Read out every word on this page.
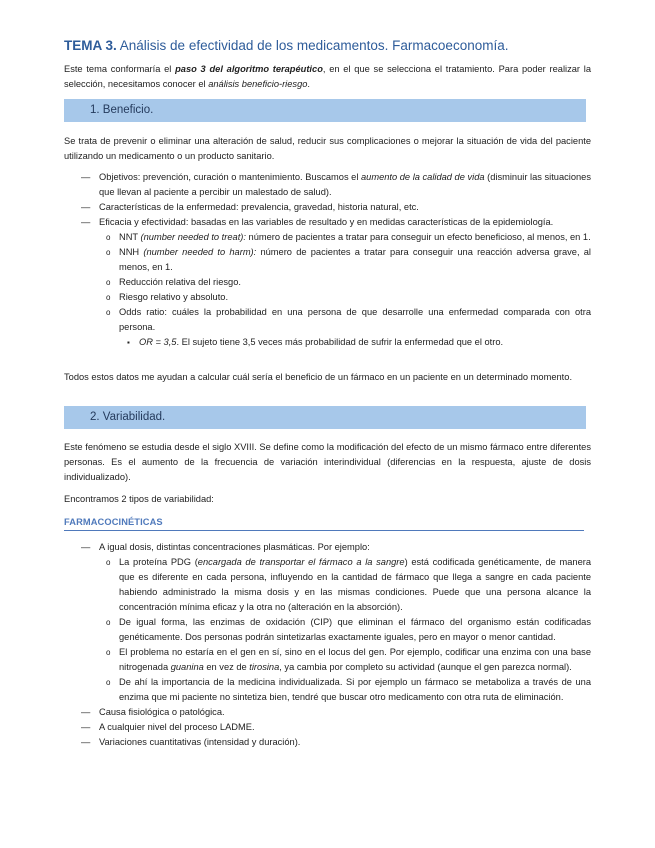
TEMA 3. Análisis de efectividad de los medicamentos. Farmacoeconomía.
Este tema conformaría el paso 3 del algoritmo terapéutico, en el que se selecciona el tratamiento. Para poder realizar la selección, necesitamos conocer el análisis beneficio-riesgo.
1. Beneficio.
Se trata de prevenir o eliminar una alteración de salud, reducir sus complicaciones o mejorar la situación de vida del paciente utilizando un medicamento o un producto sanitario.
— Objetivos: prevención, curación o mantenimiento. Buscamos el aumento de la calidad de vida (disminuir las situaciones que llevan al paciente a percibir un malestado de salud).
— Características de la enfermedad: prevalencia, gravedad, historia natural, etc.
— Eficacia y efectividad: basadas en las variables de resultado y en medidas características de la epidemiología.
o NNT (number needed to treat): número de pacientes a tratar para conseguir un efecto beneficioso, al menos, en 1.
o NNH (number needed to harm): número de pacientes a tratar para conseguir una reacción adversa grave, al menos, en 1.
o Reducción relativa del riesgo.
o Riesgo relativo y absoluto.
o Odds ratio: cuáles la probabilidad en una persona de que desarrolle una enfermedad comparada con otra persona.
▪ OR = 3,5. El sujeto tiene 3,5 veces más probabilidad de sufrir la enfermedad que el otro.
Todos estos datos me ayudan a calcular cuál sería el beneficio de un fármaco en un paciente en un determinado momento.
2. Variabilidad.
Este fenómeno se estudia desde el siglo XVIII. Se define como la modificación del efecto de un mismo fármaco entre diferentes personas. Es el aumento de la frecuencia de variación interindividual (diferencias en la respuesta, ajuste de dosis individualizado).
Encontramos 2 tipos de variabilidad:
FARMACOCINÉTICAS
— A igual dosis, distintas concentraciones plasmáticas. Por ejemplo:
o La proteína PDG (encargada de transportar el fármaco a la sangre) está codificada genéticamente, de manera que es diferente en cada persona, influyendo en la cantidad de fármaco que llega a sangre en cada paciente habiendo administrado la misma dosis y en las mismas condiciones. Puede que una persona alcance la concentración mínima eficaz y la otra no (alteración en la absorción).
o De igual forma, las enzimas de oxidación (CIP) que eliminan el fármaco del organismo están codificadas genéticamente. Dos personas podrán sintetizarlas exactamente iguales, pero en mayor o menor cantidad.
o El problema no estaría en el gen en sí, sino en el locus del gen. Por ejemplo, codificar una enzima con una base nitrogenada guanina en vez de tirosina, ya cambia por completo su actividad (aunque el gen parezca normal).
o De ahí la importancia de la medicina individualizada. Si por ejemplo un fármaco se metaboliza a través de una enzima que mi paciente no sintetiza bien, tendré que buscar otro medicamento con otra ruta de eliminación.
— Causa fisiológica o patológica.
— A cualquier nivel del proceso LADME.
— Variaciones cuantitativas (intensidad y duración).
